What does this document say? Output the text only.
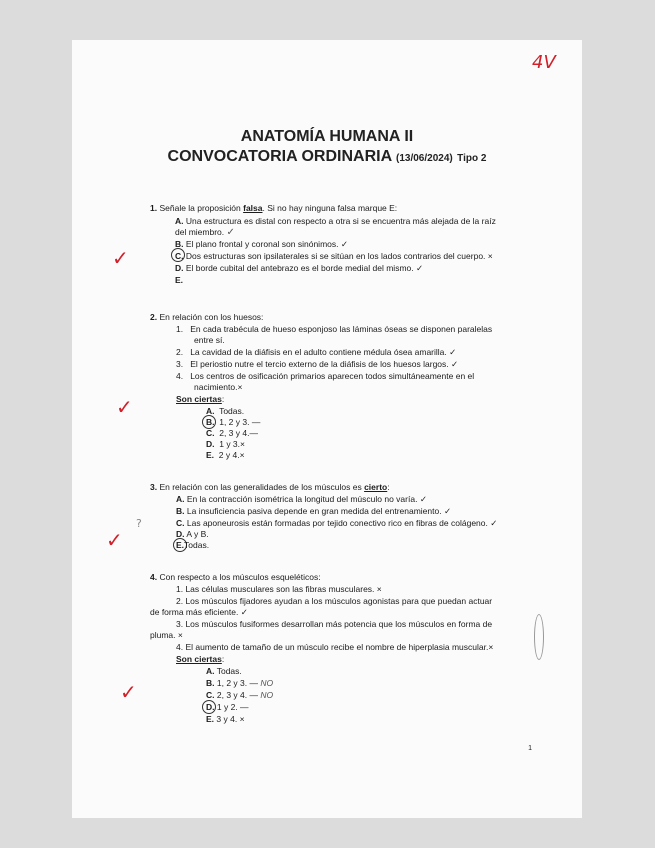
4V
ANATOMÍA HUMANA II
CONVOCATORIA ORDINARIA (13/06/2024) Tipo 2
1. Señale la proposición falsa. Si no hay ninguna falsa marque E:
A. Una estructura es distal con respecto a otra si se encuentra más alejada de la raíz
del miembro. ✓
B. El plano frontal y coronal son sinónimos. ✓
C. Dos estructuras son ipsilaterales si se sitúan en los lados contrarios del cuerpo. ×
D. El borde cubital del antebrazo es el borde medial del mismo. ✓
E.
✓
2. En relación con los huesos:
1. En cada trabécula de hueso esponjoso las láminas óseas se disponen paralelas
entre sí.
2. La cavidad de la diáfisis en el adulto contiene médula ósea amarilla. ✓
3. El periostio nutre el tercio externo de la diáfisis de los huesos largos. ✓
4. Los centros de osificación primarios aparecen todos simultáneamente en el
nacimiento.×
Son ciertas:
A. Todas.
B. 1, 2 y 3. —
C. 2, 3 y 4.—
D. 1 y 3.×
E. 2 y 4.×
✓
3. En relación con las generalidades de los músculos es cierto:
A. En la contracción isométrica la longitud del músculo no varía. ✓
B. La insuficiencia pasiva depende en gran medida del entrenamiento. ✓
C. Las aponeurosis están formadas por tejido conectivo rico en fibras de colágeno. ✓
D. A y B.
E.Todas.
✓
?
4. Con respecto a los músculos esqueléticos:
1. Las células musculares son las fibras musculares. ×
2. Los músculos fijadores ayudan a los músculos agonistas para que puedan actuar
de forma más eficiente. ✓
3. Los músculos fusiformes desarrollan más potencia que los músculos en forma de
pluma. ×
4. El aumento de tamaño de un músculo recibe el nombre de hiperplasia muscular.×
Son ciertas:
A. Todas.
B. 1, 2 y 3. — NO
C. 2, 3 y 4. — NO
D. 1 y 2. —
E. 3 y 4. ×
✓
1
